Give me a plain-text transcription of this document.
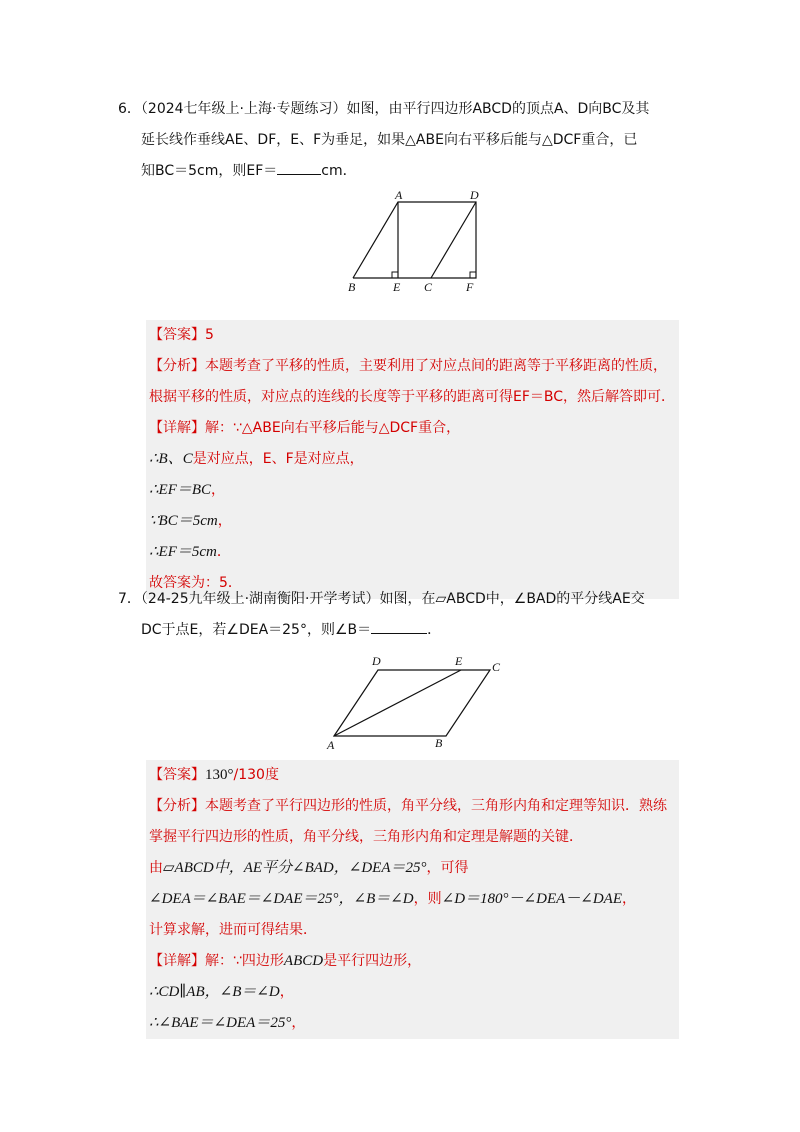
6．（2024七年级上·上海·专题练习）如图，由平行四边形ABCD的顶点A、D向BC及其

延长线作垂线AE、DF，E、F为垂足，如果△ABE向右平移后能与△DCF重合，已

知BC＝5cm，则EF＝	cm．

A	D
B	E C	F

【答案】5

【分析】本题考查了平移的性质，主要利用了对应点间的距离等于平移距离的性质，

根据平移的性质，对应点的连线的长度等于平移的距离可得EF＝BC，然后解答即可．

【详解】解：∵△ABE向右平移后能与△DCF重合，

∴B、C是对应点，E、F是对应点，

∴EF＝BC，

∵BC＝5cm，

∴EF＝5cm．

故答案为：5．

7．（24-25九年级上·湖南衡阳·开学考试）如图，在▱ABCD中，∠BAD的平分线AE交

DC于点E，若∠DEA＝25°，则∠B＝	．

D	E C
A	B

【答案】130°/130度

【分析】本题考查了平行四边形的性质，角平分线，三角形内角和定理等知识．熟练

掌握平行四边形的性质，角平分线，三角形内角和定理是解题的关键．

由▱ABCD中，AE平分∠BAD，∠DEA＝25°，可得

∠DEA＝∠BAE＝∠DAE＝25°，∠B＝∠D，则∠D＝180°－∠DEA－∠DAE，

计算求解，进而可得结果．

【详解】解：∵四边形ABCD是平行四边形，

∴CD∥AB，∠B＝∠D，

∴∠BAE＝∠DEA＝25°，
